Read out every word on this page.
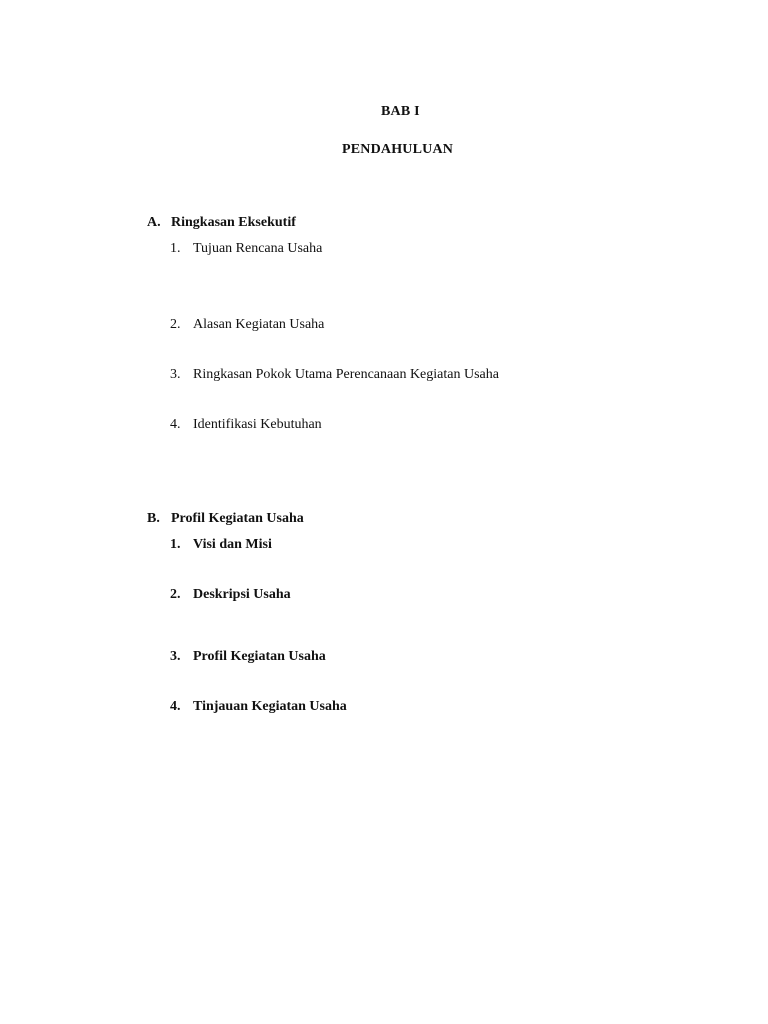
BAB I
PENDAHULUAN
A. Ringkasan Eksekutif
1. Tujuan Rencana Usaha
2. Alasan Kegiatan Usaha
3. Ringkasan Pokok Utama Perencanaan Kegiatan Usaha
4. Identifikasi Kebutuhan
B. Profil Kegiatan Usaha
1. Visi dan Misi
2. Deskripsi Usaha
3. Profil Kegiatan Usaha
4. Tinjauan Kegiatan Usaha
